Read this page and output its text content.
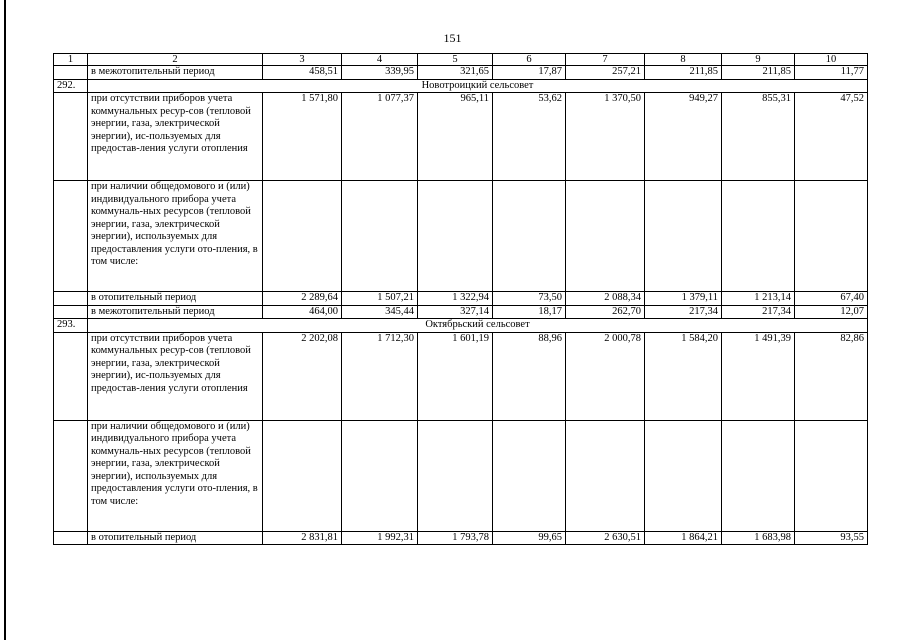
151
1	2	3	4	5	6	7	8	9	10
	в межотопительный период	458,51	339,95	321,65	17,87	257,21	211,85	211,85	11,77
292.	Новотроицкий сельсовет								
	при отсутствии приборов учета коммунальных ресур-сов (тепловой энергии, газа, электрической энергии), ис-пользуемых для предостав-ления услуги отопления	1 571,80	1 077,37	965,11	53,62	1 370,50	949,27	855,31	47,52
	при наличии общедомового и (или) индивидуального прибора учета коммуналь-ных ресурсов (тепловой энергии, газа, электрической энергии), используемых для предоставления услуги ото-пления, в том числе:								
	в отопительный период	2 289,64	1 507,21	1 322,94	73,50	2 088,34	1 379,11	1 213,14	67,40
	в межотопительный период	464,00	345,44	327,14	18,17	262,70	217,34	217,34	12,07
293.	Октябрьский сельсовет								
	при отсутствии приборов учета коммунальных ресур-сов (тепловой энергии, газа, электрической энергии), ис-пользуемых для предостав-ления услуги отопления	2 202,08	1 712,30	1 601,19	88,96	2 000,78	1 584,20	1 491,39	82,86
	при наличии общедомового и (или) индивидуального прибора учета коммуналь-ных ресурсов (тепловой энергии, газа, электрической энергии), используемых для предоставления услуги ото-пления, в том числе:								
	в отопительный период	2 831,81	1 992,31	1 793,78	99,65	2 630,51	1 864,21	1 683,98	93,55
